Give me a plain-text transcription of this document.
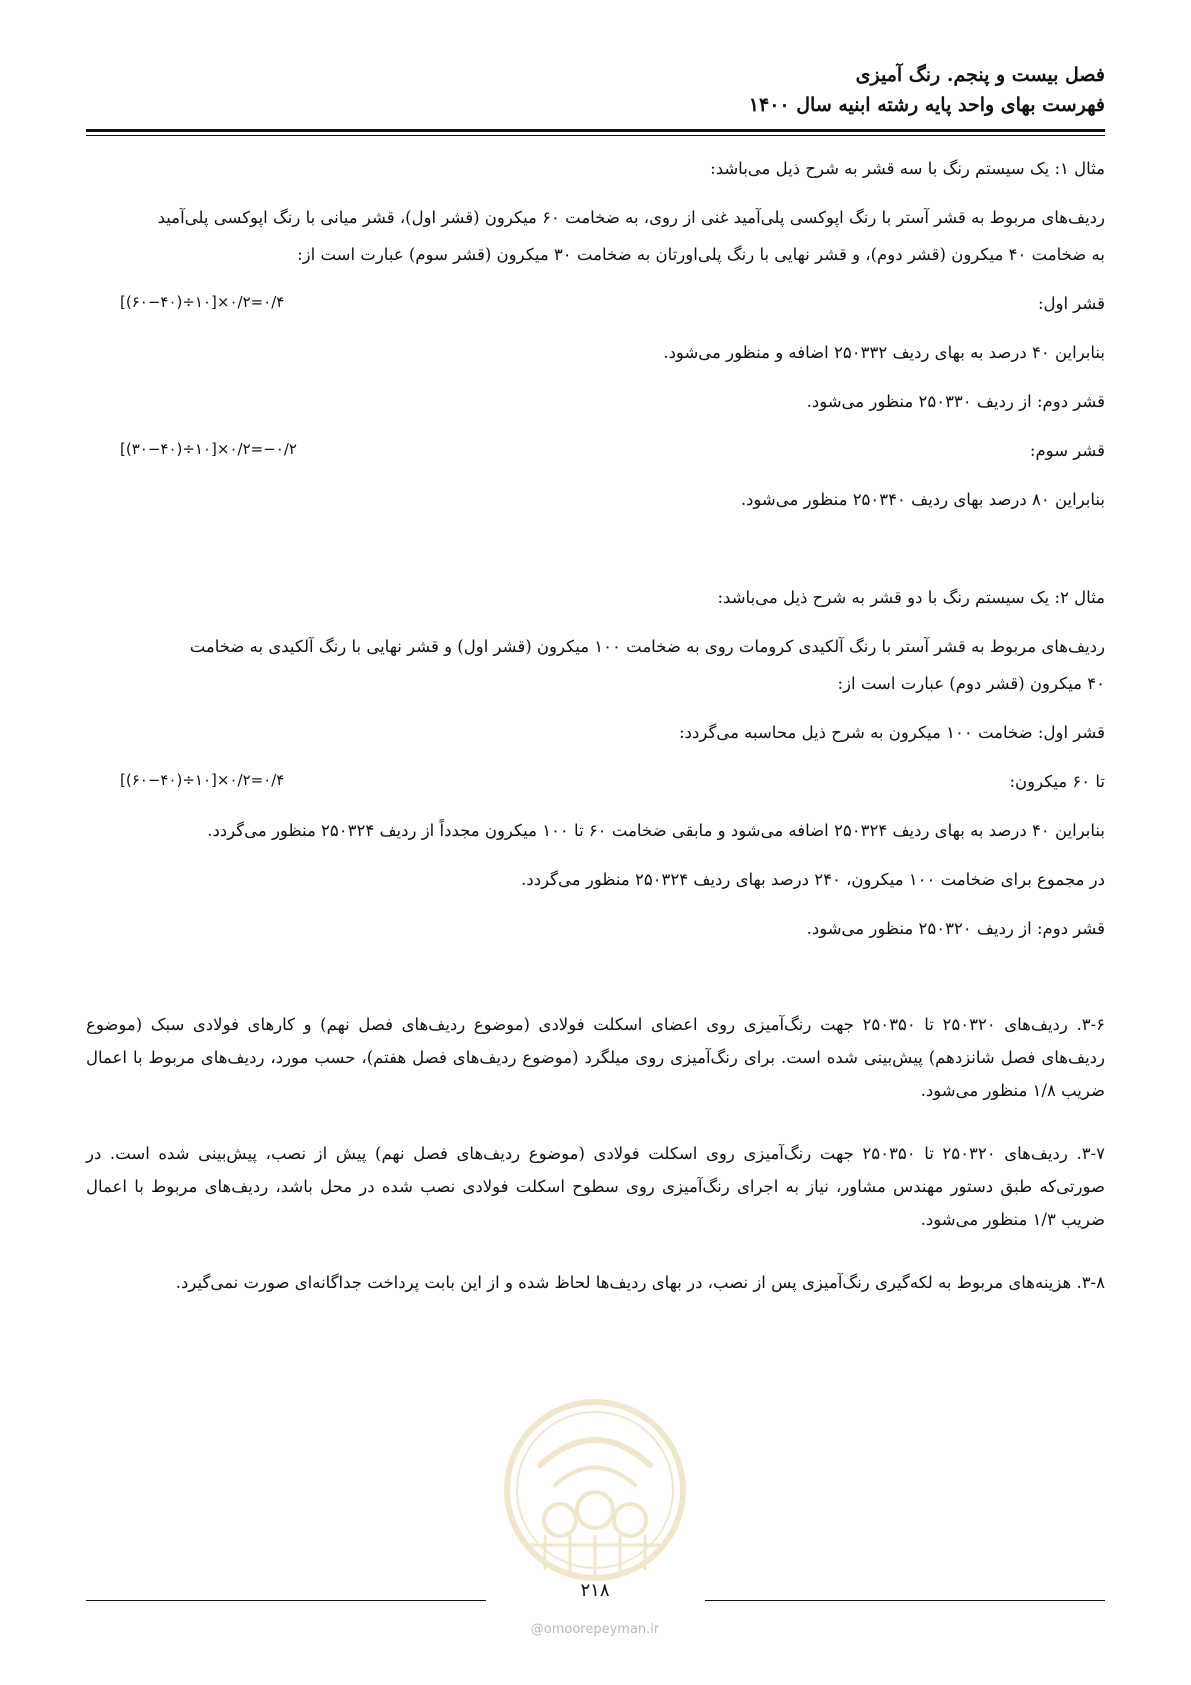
فصل بیست و پنجم. رنگ آمیزی
فهرست بهای واحد پایه رشته ابنیه سال ۱۴۰۰
مثال ۱: یک سیستم رنگ با سه قشر به شرح ذیل می‌باشد:
ردیف‌های مربوط به قشر آستر با رنگ اپوکسی پلی‌آمید غنی از روی، به ضخامت ۶۰ میکرون (قشر اول)، قشر میانی با رنگ اپوکسی پلی‌آمید
به ضخامت ۴۰ میکرون (قشر دوم)، و قشر نهایی با رنگ پلی‌اورتان به ضخامت ۳۰ میکرون (قشر سوم) عبارت است از:
قشر اول:
[(۶۰−۴۰)÷۱۰]×۰/۲=۰/۴
بنابراین ۴۰ درصد به بهای ردیف ۲۵۰۳۳۲ اضافه و منظور می‌شود.
قشر دوم: از ردیف ۲۵۰۳۳۰ منظور می‌شود.
قشر سوم:
[(۳۰−۴۰)÷۱۰]×۰/۲=−۰/۲
بنابراین ۸۰ درصد بهای ردیف ۲۵۰۳۴۰ منظور می‌شود.
مثال ۲: یک سیستم رنگ با دو قشر به شرح ذیل می‌باشد:
ردیف‌های مربوط به قشر آستر با رنگ آلکیدی کرومات روی به ضخامت ۱۰۰ میکرون (قشر اول) و قشر نهایی با رنگ آلکیدی به ضخامت
۴۰ میکرون (قشر دوم) عبارت است از:
قشر اول: ضخامت ۱۰۰ میکرون به شرح ذیل محاسبه می‌گردد:
تا ۶۰ میکرون:
[(۶۰−۴۰)÷۱۰]×۰/۲=۰/۴
بنابراین ۴۰ درصد به بهای ردیف ۲۵۰۳۲۴ اضافه می‌شود و مابقی ضخامت ۶۰ تا ۱۰۰ میکرون مجدداً از ردیف ۲۵۰۳۲۴ منظور می‌گردد.
در مجموع برای ضخامت ۱۰۰ میکرون، ۲۴۰ درصد بهای ردیف ۲۵۰۳۲۴ منظور می‌گردد.
قشر دوم: از ردیف ۲۵۰۳۲۰ منظور می‌شود.
۳-۶. ردیف‌های ۲۵۰۳۲۰ تا ۲۵۰۳۵۰ جهت رنگ‌آمیزی روی اعضای اسکلت فولادی (موضوع ردیف‌های فصل نهم) و کارهای فولادی سبک (موضوع ردیف‌های فصل شانزدهم) پیش‌بینی شده است. برای رنگ‌آمیزی روی میلگرد (موضوع ردیف‌های فصل هفتم)، حسب مورد، ردیف‌های مربوط با اعمال ضریب ۱/۸ منظور می‌شود.
۳-۷. ردیف‌های ۲۵۰۳۲۰ تا ۲۵۰۳۵۰ جهت رنگ‌آمیزی روی اسکلت فولادی (موضوع ردیف‌های فصل نهم) پیش از نصب، پیش‌بینی شده است. در صورتی‌که طبق دستور مهندس مشاور، نیاز به اجرای رنگ‌آمیزی روی سطوح اسکلت فولادی نصب شده در محل باشد، ردیف‌های مربوط با اعمال ضریب ۱/۳ منظور می‌شود.
۳-۸. هزینه‌های مربوط به لکه‌گیری رنگ‌آمیزی پس از نصب، در بهای ردیف‌ها لحاظ شده و از این بابت پرداخت جداگانه‌ای صورت نمی‌گیرد.
۲۱۸
@omoorepeyman.ir
